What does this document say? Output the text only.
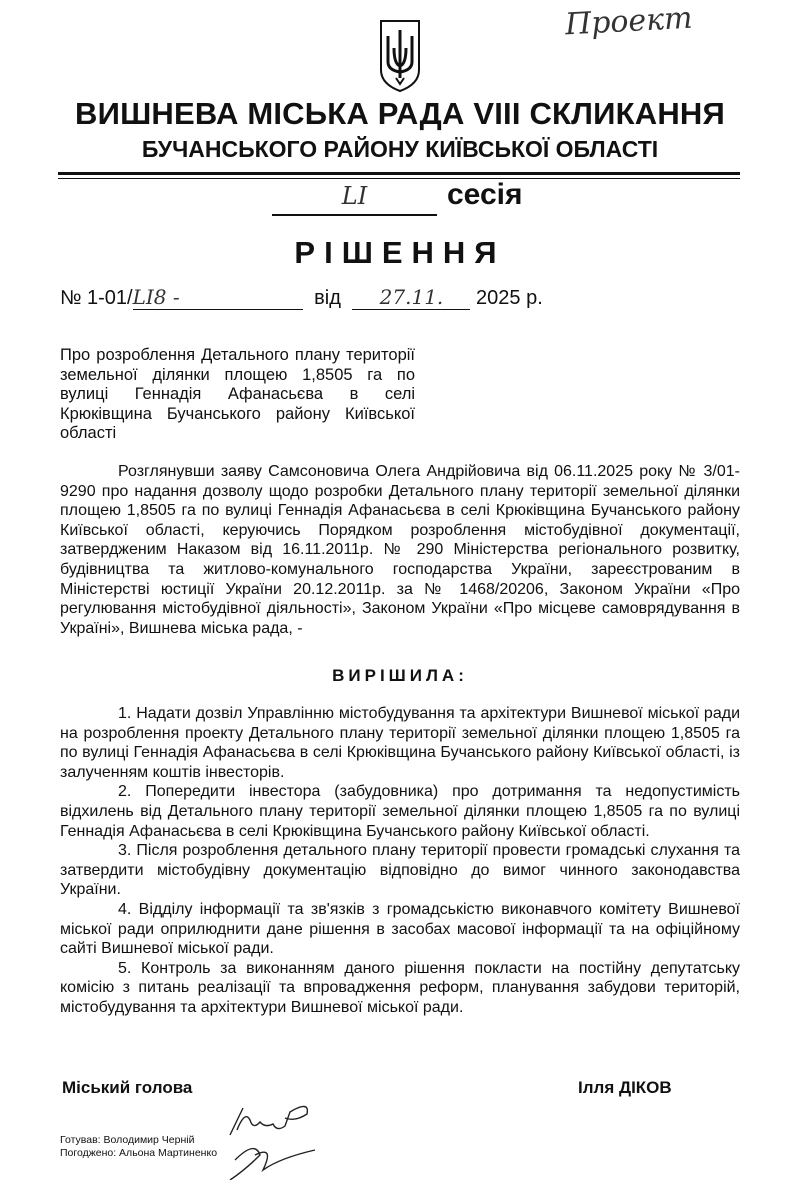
Проект
ВИШНЕВА МІСЬКА РАДА VIII СКЛИКАННЯ
БУЧАНСЬКОГО РАЙОНУ КИЇВСЬКОЇ ОБЛАСТІ
LI	сесія
РІШЕННЯ
№ 1-01/LI8 -	від 27.11. 2025 р.
Про розроблення Детального плану території земельної ділянки площею 1,8505 га по вулиці Геннадія Афанасьєва в селі Крюківщина Бучанського району Київської області
Розглянувши заяву Самсоновича Олега Андрійовича від 06.11.2025 року № 3/01-9290 про надання дозволу щодо розробки Детального плану території земельної ділянки площею 1,8505 га по вулиці Геннадія Афанасьєва в селі Крюківщина Бучанського району Київської області, керуючись Порядком розроблення містобудівної документації, затвердженим Наказом від 16.11.2011р. № 290 Міністерства регіонального розвитку, будівництва та житлово-комунального господарства України, зареєстрованим в Міністерстві юстиції України 20.12.2011р. за № 1468/20206, Законом України «Про регулювання містобудівної діяльності», Законом України «Про місцеве самоврядування в Україні», Вишнева міська рада, -
ВИРІШИЛА:

1. Надати дозвіл Управлінню містобудування та архітектури Вишневої міської ради на розроблення проекту Детального плану території земельної ділянки площею 1,8505 га по вулиці Геннадія Афанасьєва в селі Крюківщина Бучанського району Київської області, із залученням коштів інвесторів.

2. Попередити інвестора (забудовника) про дотримання та недопустимість відхилень від Детального плану території земельної ділянки площею 1,8505 га по вулиці Геннадія Афанасьєва в селі Крюківщина Бучанського району Київської області.

3. Після розроблення детального плану території провести громадські слухання та затвердити містобудівну документацію відповідно до вимог чинного законодавства України.

4. Відділу інформації та зв'язків з громадськістю виконавчого комітету Вишневої міської ради оприлюднити дане рішення в засобах масової інформації та на офіційному сайті Вишневої міської ради.

5. Контроль за виконанням даного рішення покласти на постійну депутатську комісію з питань реалізації та впровадження реформ, планування забудови територій, містобудування та архітектури Вишневої міської ради.

Міський голова	Ілля ДІКОВ
Готував: Володимир Черній
Погоджено: Альона Мартиненко
